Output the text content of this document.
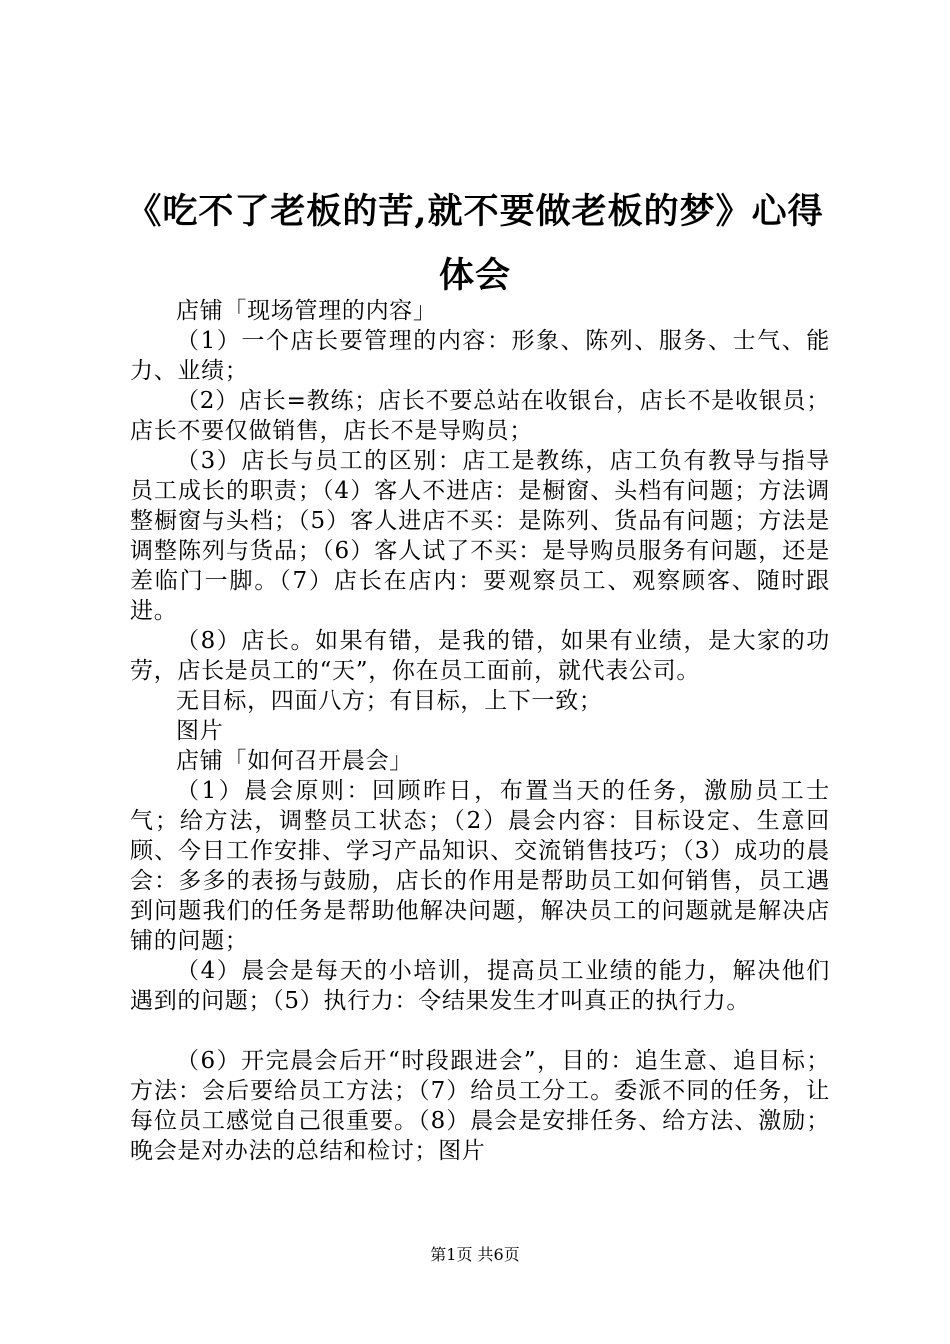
《吃不了老板的苦,就不要做老板的梦》心得体会

店铺「现场管理的内容」

（1）一个店长要管理的内容：形象、陈列、服务、士气、能力、业绩；

（2）店长=教练；店长不要总站在收银台，店长不是收银员；店长不要仅做销售，店长不是导购员；

（3）店长与员工的区别：店工是教练，店工负有教导与指导员工成长的职责；（4）客人不进店：是橱窗、头档有问题；方法调整橱窗与头档；（5）客人进店不买：是陈列、货品有问题；方法是调整陈列与货品；（6）客人试了不买：是导购员服务有问题，还是差临门一脚。（7）店长在店内：要观察员工、观察顾客、随时跟进。

（8）店长。如果有错，是我的错，如果有业绩，是大家的功劳，店长是员工的“天”，你在员工面前，就代表公司。

无目标，四面八方；有目标，上下一致；

图片

店铺「如何召开晨会」

（1）晨会原则：回顾昨日，布置当天的任务，激励员工士气；给方法，调整员工状态；（2）晨会内容：目标设定、生意回顾、今日工作安排、学习产品知识、交流销售技巧；（3）成功的晨会：多多的表扬与鼓励，店长的作用是帮助员工如何销售，员工遇到问题我们的任务是帮助他解决问题，解决员工的问题就是解决店铺的问题；

（4）晨会是每天的小培训，提高员工业绩的能力，解决他们遇到的问题；（5）执行力：令结果发生才叫真正的执行力。

（6）开完晨会后开“时段跟进会”，目的：追生意、追目标；方法：会后要给员工方法；（7）给员工分工。委派不同的任务，让每位员工感觉自己很重要。（8）晨会是安排任务、给方法、激励；晚会是对办法的总结和检讨；图片

第1页 共6页
